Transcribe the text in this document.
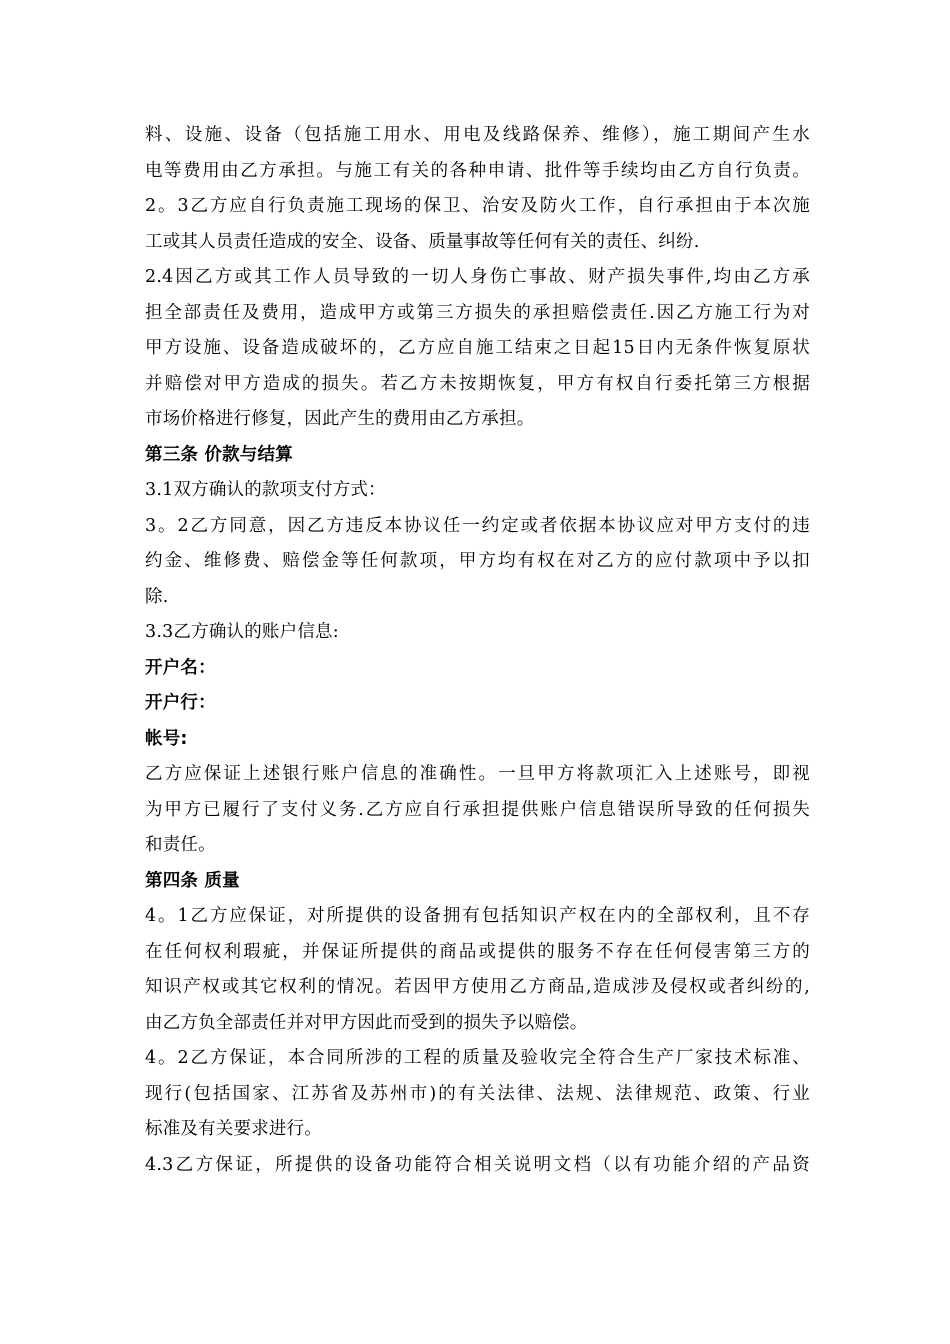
料、设施、设备（包括施工用水、用电及线路保养、维修），施工期间产生水
电等费用由乙方承担。与施工有关的各种申请、批件等手续均由乙方自行负责。
2。3乙方应自行负责施工现场的保卫、治安及防火工作，自行承担由于本次施
工或其人员责任造成的安全、设备、质量事故等任何有关的责任、纠纷.
2.4因乙方或其工作人员导致的一切人身伤亡事故、财产损失事件,均由乙方承
担全部责任及费用，造成甲方或第三方损失的承担赔偿责任.因乙方施工行为对
甲方设施、设备造成破坏的，乙方应自施工结束之日起15日内无条件恢复原状
并赔偿对甲方造成的损失。若乙方未按期恢复，甲方有权自行委托第三方根据
市场价格进行修复，因此产生的费用由乙方承担。
第三条 价款与结算
3.1双方确认的款项支付方式：
3。2乙方同意，因乙方违反本协议任一约定或者依据本协议应对甲方支付的违
约金、维修费、赔偿金等任何款项，甲方均有权在对乙方的应付款项中予以扣
除.
3.3乙方确认的账户信息:
开户名：
开户行：
帐号:
乙方应保证上述银行账户信息的准确性。一旦甲方将款项汇入上述账号，即视
为甲方已履行了支付义务.乙方应自行承担提供账户信息错误所导致的任何损失
和责任。
第四条 质量
4。1乙方应保证，对所提供的设备拥有包括知识产权在内的全部权利，且不存
在任何权利瑕疵，并保证所提供的商品或提供的服务不存在任何侵害第三方的
知识产权或其它权利的情况。若因甲方使用乙方商品,造成涉及侵权或者纠纷的,
由乙方负全部责任并对甲方因此而受到的损失予以赔偿。
4。2乙方保证，本合同所涉的工程的质量及验收完全符合生产厂家技术标准、
现行(包括国家、江苏省及苏州市)的有关法律、法规、法律规范、政策、行业
标准及有关要求进行。
4.3乙方保证，所提供的设备功能符合相关说明文档（以有功能介绍的产品资
